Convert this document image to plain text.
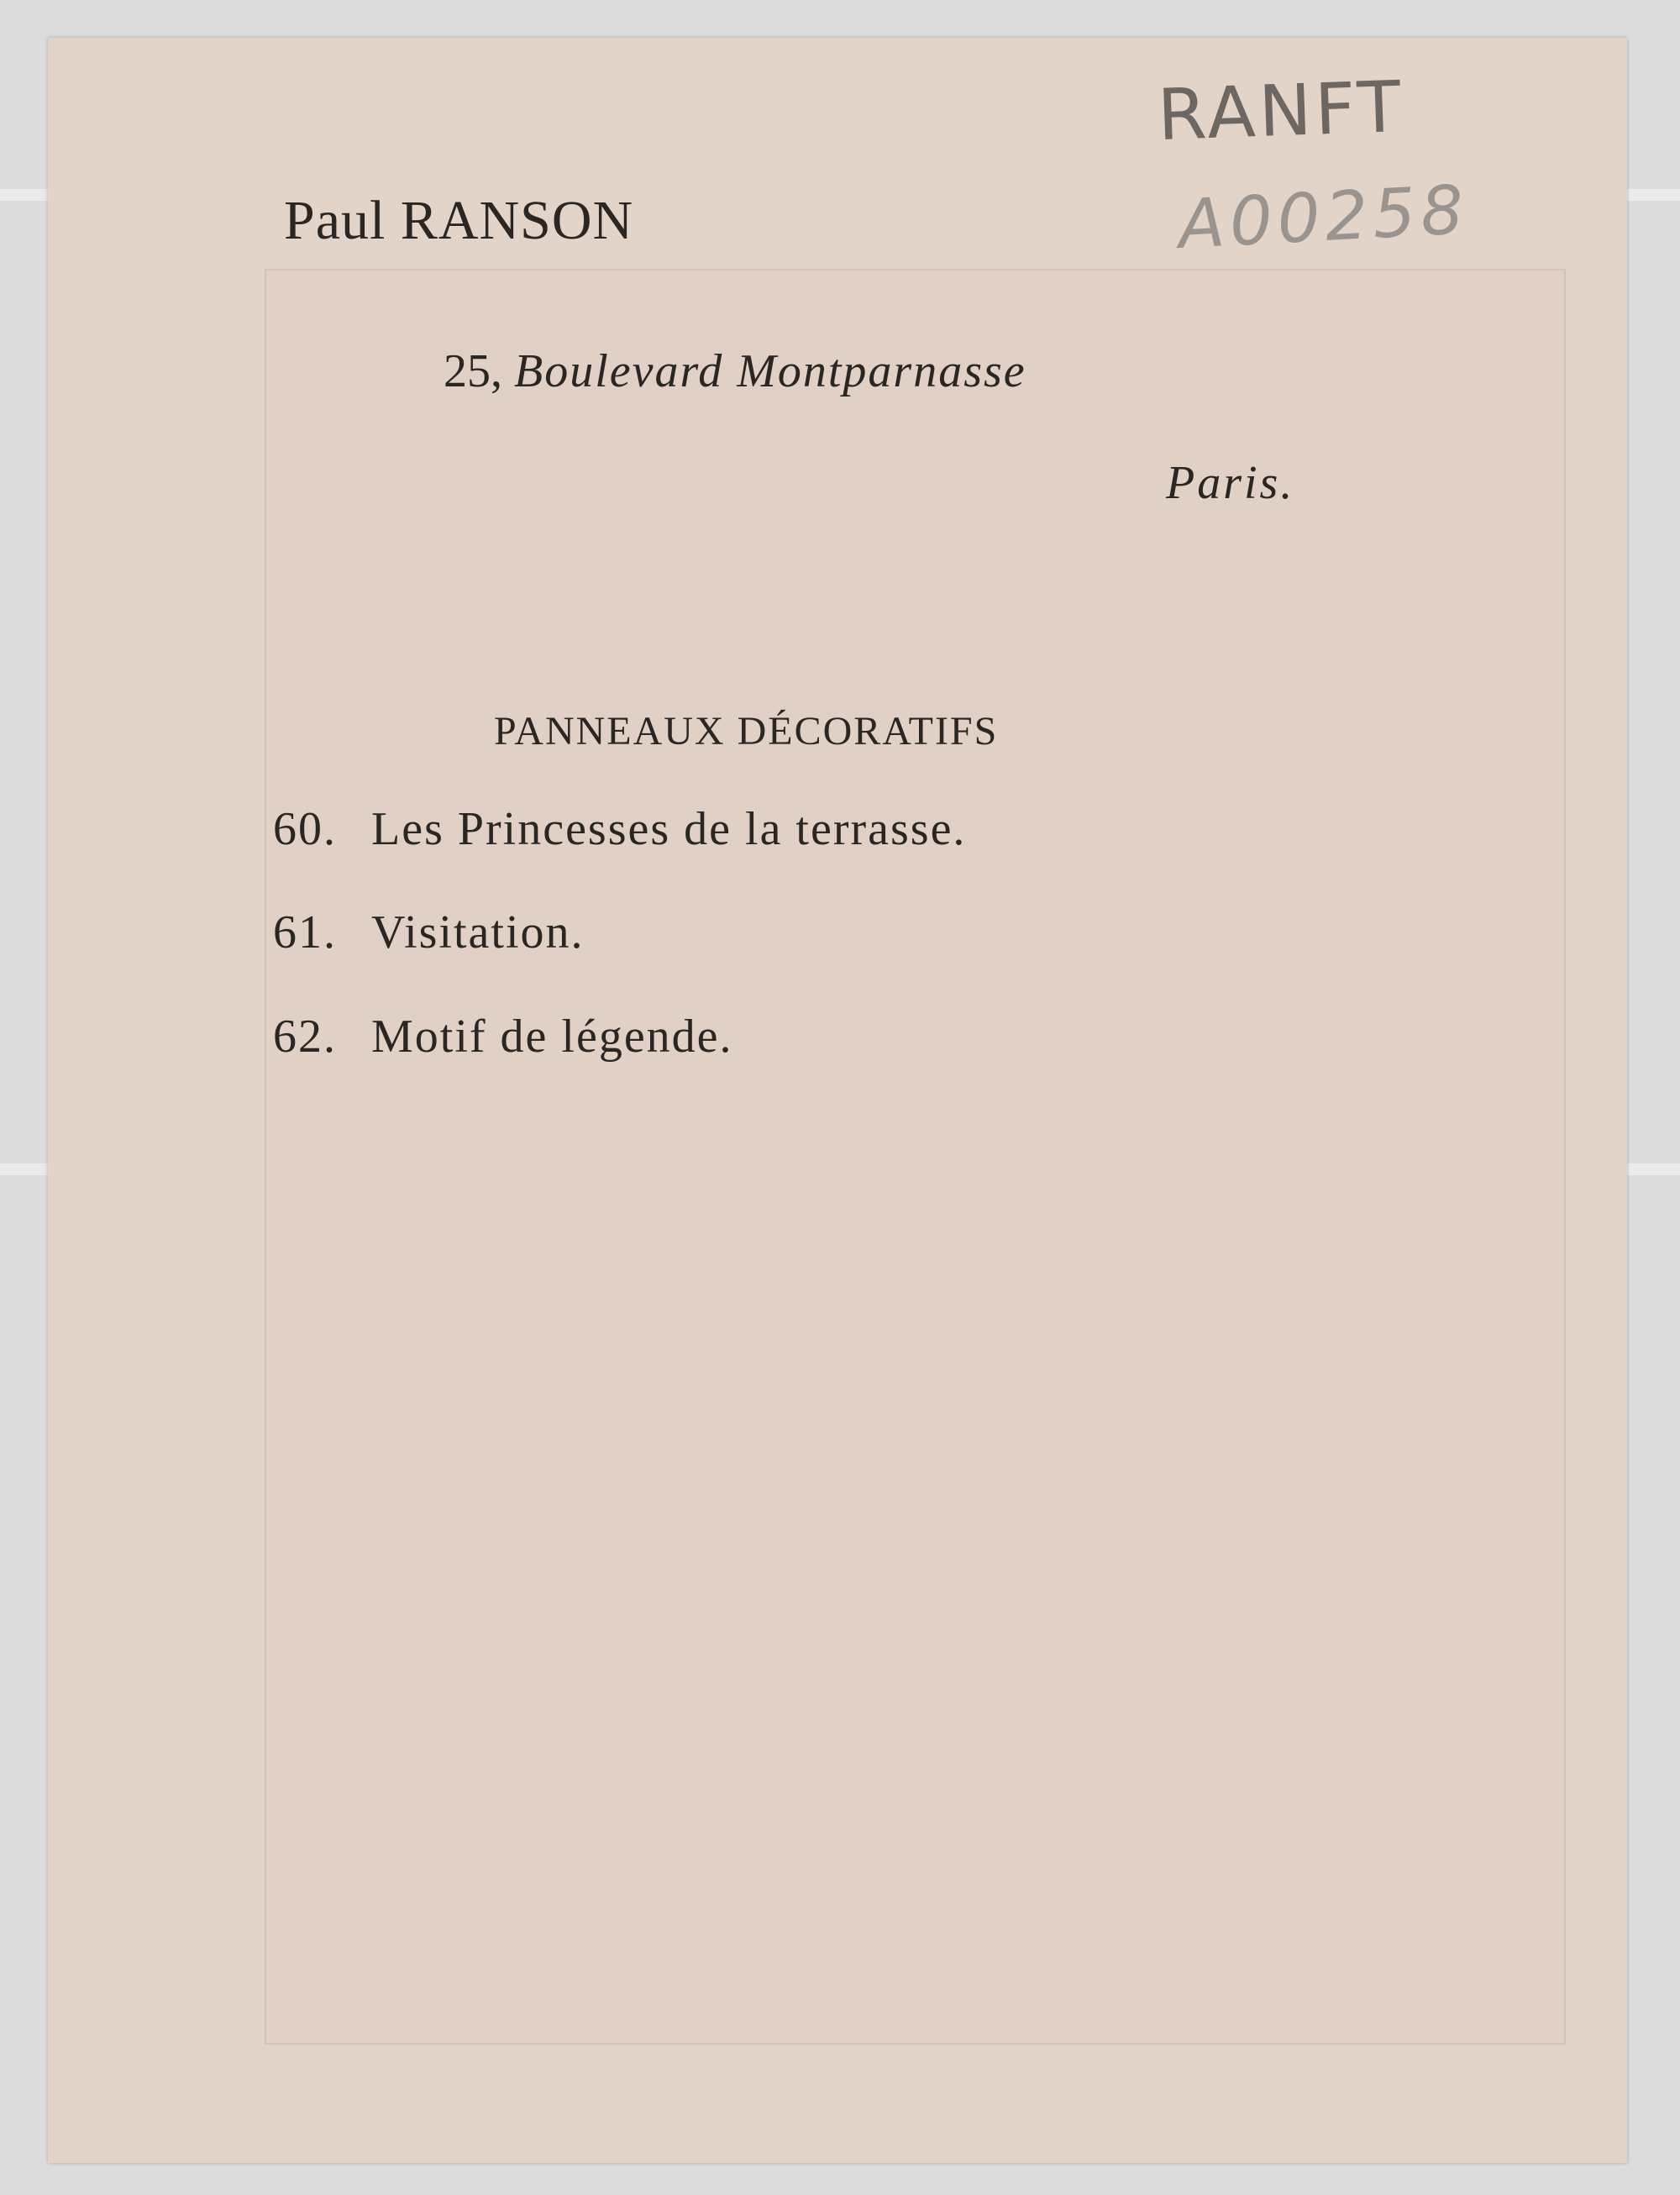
RANFT
A00258
Paul RANSON
25, Boulevard Montparnasse
Paris.
PANNEAUX DÉCORATIFS
60. Les Princesses de la terrasse.
61. Visitation.
62. Motif de légende.
